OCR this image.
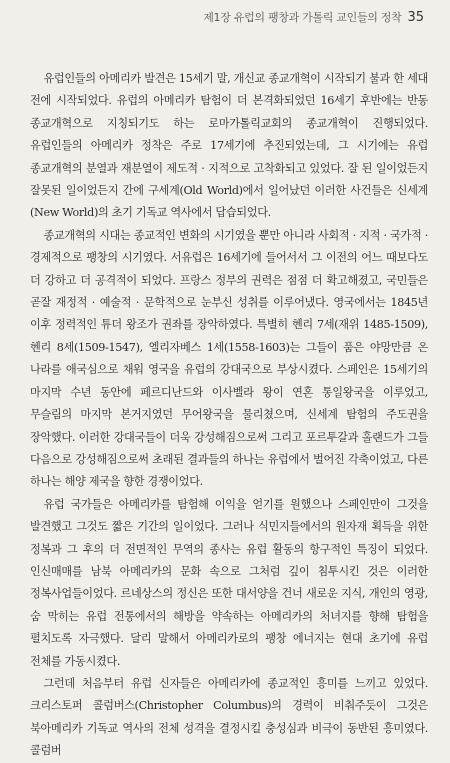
제1장 유럽의 팽창과 가톨릭 교인들의 정착 35

유럽인들의 아메리카 발견은 15세기 말, 개신교 종교개혁이 시작되기 불과 한 세대 전에 시작되었다. 유럽의 아메리카 탐험이 더 본격화되었던 16세기 후반에는 반동 종교개혁으로 지칭되기도 하는 로마가톨릭교회의 종교개혁이 진행되었다. 유럽인들의 아메리카 정착은 주로 17세기에 추진되었는데, 그 시기에는 유럽 종교개혁의 분열과 재분열이 제도적 · 지적으로 고착화되고 있었다. 잘 된 일이었든지 잘못된 일이었든지 간에 구세계(Old World)에서 일어났던 이러한 사건들은 신세계(New World)의 초기 기독교 역사에서 답습되었다.

종교개혁의 시대는 종교적인 변화의 시기였을 뿐만 아니라 사회적 · 지적 · 국가적 · 경제적으로 팽창의 시기였다. 서유럽은 16세기에 들어서서 그 이전의 어느 때보다도 더 강하고 더 공격적이 되었다. 프랑스 정부의 권력은 점점 더 확고해졌고, 국민들은 곧잘 재정적 · 예술적 · 문학적으로 눈부신 성취를 이루어냈다. 영국에서는 1845년 이후 정력적인 튜더 왕조가 권좌를 장악하였다. 특별히 헨리 7세(재위 1485-1509), 헨리 8세(1509-1547), 엘리자베스 1세(1558-1603)는 그들이 품은 야망만큼 온 나라를 애국심으로 채워 영국을 유럽의 강대국으로 부상시켰다. 스페인은 15세기의 마지막 수년 동안에 페르디난드와 이사벨라 왕이 연혼 통일왕국을 이루었고, 무슬림의 마지막 본거지였던 무어왕국을 물리쳤으며, 신세계 탐험의 주도권을 장악했다. 이러한 강대국들이 더욱 강성해짐으로써 그리고 포르투갈과 홀랜드가 그들 다음으로 강성해짐으로써 초래된 결과들의 하나는 유럽에서 벌어진 각축이었고, 다른 하나는 해양 제국을 향한 경쟁이었다.

유럽 국가들은 아메리카를 탐험해 이익을 얻기를 원했으나 스페인만이 그것을 발견했고 그것도 짧은 기간의 일이었다. 그러나 식민지들에서의 원자재 획득을 위한 정복과 그 후의 더 전면적인 무역의 종사는 유럽 활동의 항구적인 특징이 되었다. 인신매매를 남북 아메리카의 문화 속으로 그처럼 깊이 침투시킨 것은 이러한 정복사업들이었다. 르네상스의 정신은 또한 대서양을 건너 새로운 지식, 개인의 영광, 숨 막히는 유럽 전통에서의 해방을 약속하는 아메리카의 처녀지를 향해 탐험을 펼치도록 자극했다. 달리 말해서 아메리카로의 팽창 에너지는 현대 초기에 유럽 전체를 가동시켰다.

그런데 처음부터 유럽 신자들은 아메리카에 종교적인 흥미를 느끼고 있었다. 크리스토퍼 콜럼버스(Christopher Columbus)의 경력이 비춰주듯이 그것은 북아메리카 기독교 역사의 전체 성격을 결정시킬 충성심과 비극이 동반된 흥미였다. 콜럼버
